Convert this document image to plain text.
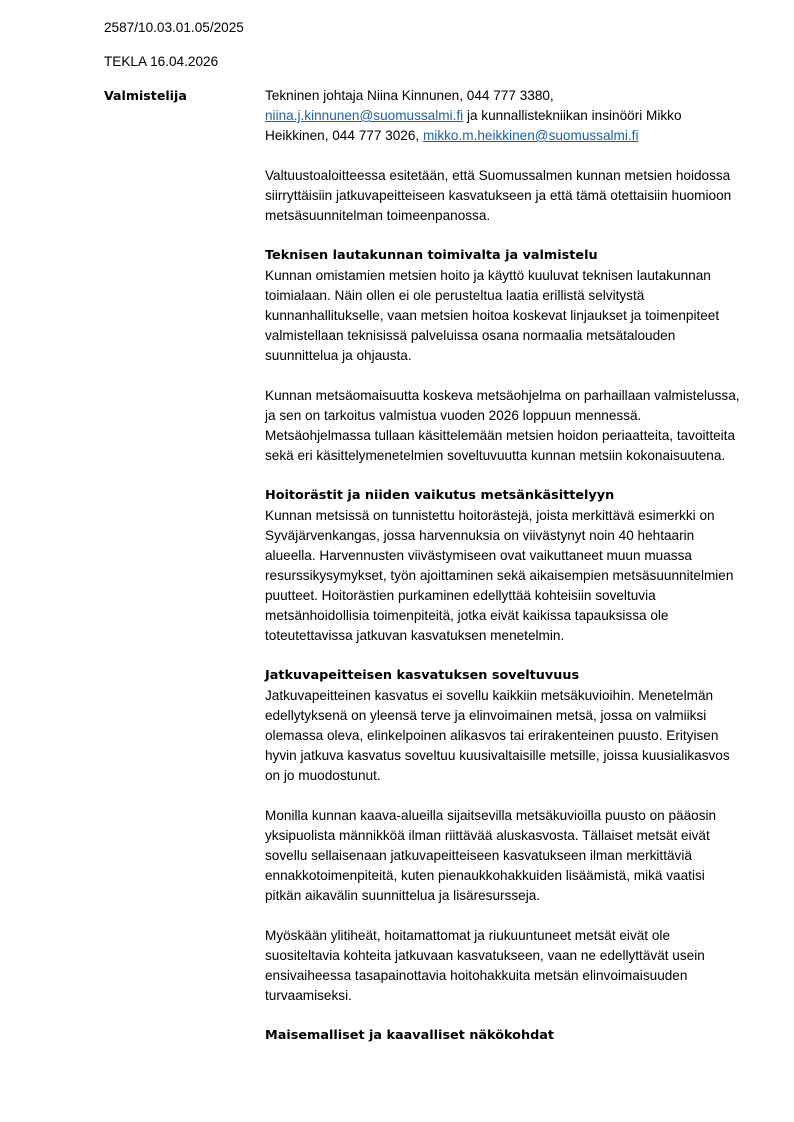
2587/10.03.01.05/2025
TEKLA 16.04.2026
Valmistelija	Tekninen johtaja Niina Kinnunen, 044 777 3380,
niina.j.kinnunen@suomussalmi.fi ja kunnallistekniikan insinööri Mikko Heikkinen, 044 777 3026, mikko.m.heikkinen@suomussalmi.fi

Valtuustoaloitteessa esitetään, että Suomussalmen kunnan metsien hoidossa siirryttäisiin jatkuvapeitteiseen kasvatukseen ja että tämä otettaisiin huomioon metsäsuunnitelman toimeenpanossa.

Teknisen lautakunnan toimivalta ja valmistelu

Kunnan omistamien metsien hoito ja käyttö kuuluvat teknisen lautakunnan toimialaan. Näin ollen ei ole perusteltua laatia erillistä selvitystä kunnanhallitukselle, vaan metsien hoitoa koskevat linjaukset ja toimenpiteet valmistellaan teknisissä palveluissa osana normaalia metsätalouden suunnittelua ja ohjausta.

Kunnan metsäomaisuutta koskeva metsäohjelma on parhaillaan valmistelussa, ja sen on tarkoitus valmistua vuoden 2026 loppuun mennessä. Metsäohjelmassa tullaan käsittelemään metsien hoidon periaatteita, tavoitteita sekä eri käsittelymenetelmien soveltuvuutta kunnan metsiin kokonaisuutena.

Hoitorästit ja niiden vaikutus metsänkäsittelyyn

Kunnan metsissä on tunnistettu hoitorästejä, joista merkittävä esimerkki on Syväjärvenkangas, jossa harvennuksia on viivästynyt noin 40 hehtaarin alueella. Harvennusten viivästymiseen ovat vaikuttaneet muun muassa resurssikysymykset, työn ajoittaminen sekä aikaisempien metsäsuunnitelmien puutteet. Hoitorästien purkaminen edellyttää kohteisiin soveltuvia metsänhoidollisia toimenpiteitä, jotka eivät kaikissa tapauksissa ole toteutettavissa jatkuvan kasvatuksen menetelmin.

Jatkuvapeitteisen kasvatuksen soveltuvuus

Jatkuvapeitteinen kasvatus ei sovellu kaikkiin metsäkuvioihin. Menetelmän edellytyksenä on yleensä terve ja elinvoimainen metsä, jossa on valmiiksi olemassa oleva, elinkelpoinen alikasvos tai erirakenteinen puusto. Erityisen hyvin jatkuva kasvatus soveltuu kuusivaltaisille metsille, joissa kuusialikasvos on jo muodostunut.

Monilla kunnan kaava-alueilla sijaitsevilla metsäkuvioilla puusto on pääosin yksipuolista männikköä ilman riittävää aluskasvosta. Tällaiset metsät eivät sovellu sellaisenaan jatkuvapeitteiseen kasvatukseen ilman merkittäviä ennakkotoimenpiteitä, kuten pienaukkohakkuiden lisäämistä, mikä vaatisi pitkän aikavälin suunnittelua ja lisäresursseja.

Myöskään ylitiheät, hoitamattomat ja riukuuntuneet metsät eivät ole suositeltavia kohteita jatkuvaan kasvatukseen, vaan ne edellyttävät usein ensivaiheessa tasapainottavia hoitohakkuita metsän elinvoimaisuuden turvaamiseksi.

Maisemalliset ja kaavalliset näkökohdat
